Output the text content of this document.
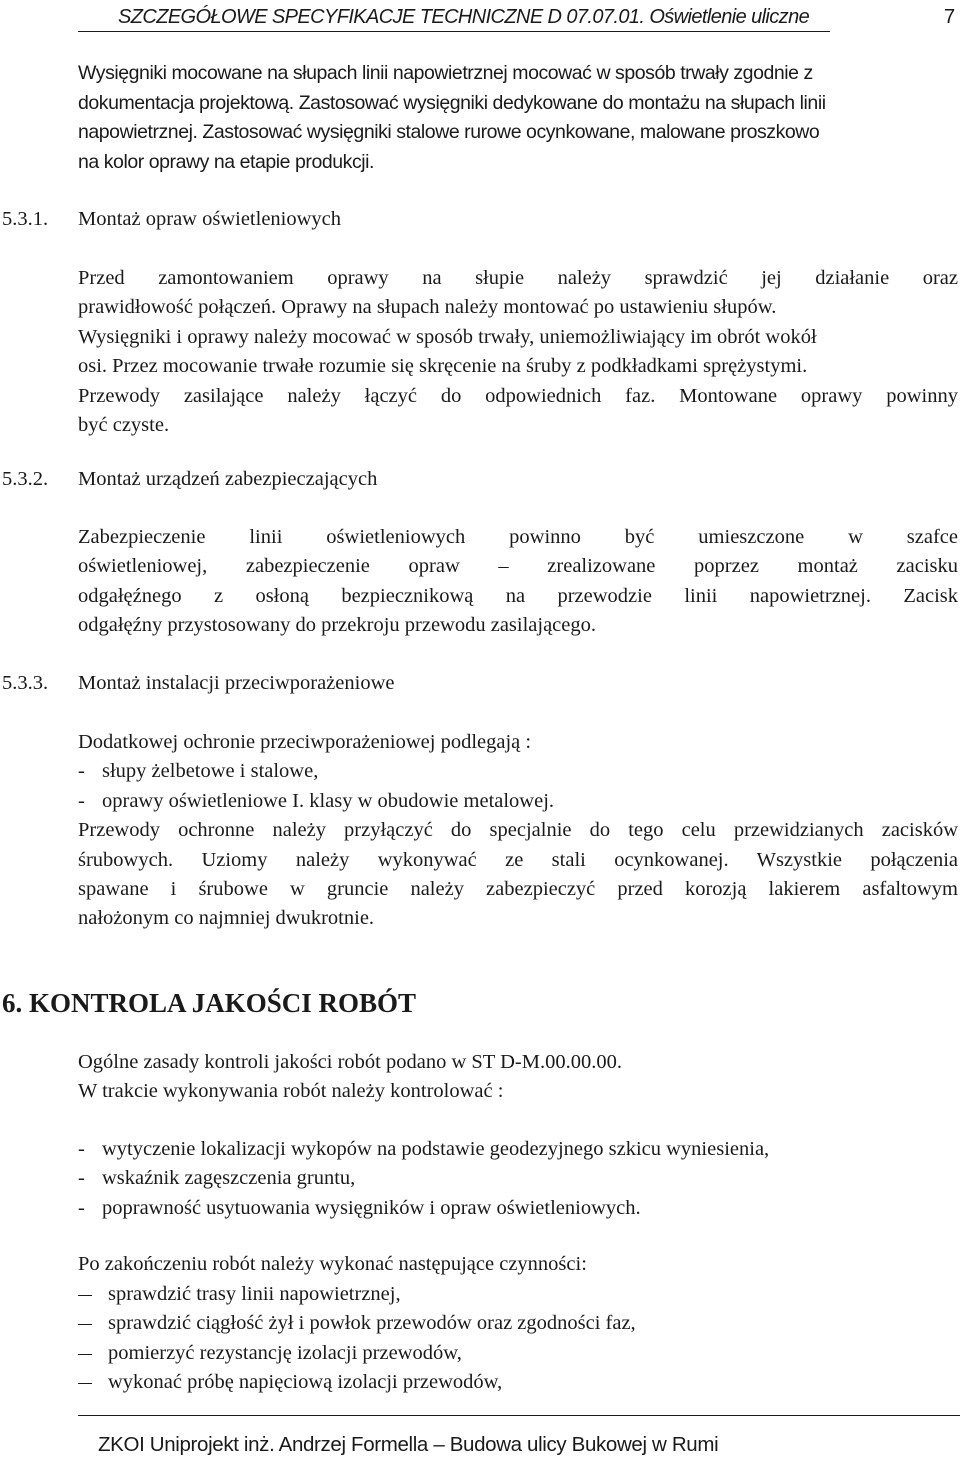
SZCZEGÓŁOWE SPECYFIKACJE TECHNICZNE D 07.07.01. Oświetlenie uliczne	7
Wysięgniki mocowane na słupach linii napowietrznej mocować w sposób trwały zgodnie z
dokumentacja projektową. Zastosować wysięgniki dedykowane do montażu na słupach linii
napowietrznej. Zastosować wysięgniki stalowe rurowe ocynkowane, malowane proszkowo
na kolor oprawy na etapie produkcji.
5.3.1. Montaż opraw oświetleniowych
Przed zamontowaniem oprawy na słupie należy sprawdzić jej działanie oraz
prawidłowość połączeń. Oprawy na słupach należy montować po ustawieniu słupów.
Wysięgniki i oprawy należy mocować w sposób trwały, uniemożliwiający im obrót wokół
osi. Przez mocowanie trwałe rozumie się skręcenie na śruby z podkładkami sprężystymi.
Przewody zasilające należy łączyć do odpowiednich faz. Montowane oprawy powinny
być czyste.
5.3.2. Montaż urządzeń zabezpieczających
Zabezpieczenie linii oświetleniowych powinno być umieszczone w szafce
oświetleniowej, zabezpieczenie opraw – zrealizowane poprzez montaż zacisku
odgałęźnego z osłoną bezpiecznikową na przewodzie linii napowietrznej. Zacisk
odgałęźny przystosowany do przekroju przewodu zasilającego.
5.3.3. Montaż instalacji przeciwporażeniowe
Dodatkowej ochronie przeciwporażeniowej podlegają :
- słupy żelbetowe i stalowe,
- oprawy oświetleniowe I. klasy w obudowie metalowej.
Przewody ochronne należy przyłączyć do specjalnie do tego celu przewidzianych zacisków
śrubowych. Uziomy należy wykonywać ze stali ocynkowanej. Wszystkie połączenia
spawane i śrubowe w gruncie należy zabezpieczyć przed korozją lakierem asfaltowym
nałożonym co najmniej dwukrotnie.
6. KONTROLA JAKOŚCI ROBÓT
Ogólne zasady kontroli jakości robót podano w ST D-M.00.00.00.
W trakcie wykonywania robót należy kontrolować :
- wytyczenie lokalizacji wykopów na podstawie geodezyjnego szkicu wyniesienia,
- wskaźnik zagęszczenia gruntu,
- poprawność usytuowania wysięgników i opraw oświetleniowych.
Po zakończeniu robót należy wykonać następujące czynności:
sprawdzić trasy linii napowietrznej,
sprawdzić ciągłość żył i powłok przewodów oraz zgodności faz,
pomierzyć rezystancję izolacji przewodów,
wykonać próbę napięciową izolacji przewodów,
ZKOI Uniprojekt inż. Andrzej Formella – Budowa ulicy Bukowej w Rumi
